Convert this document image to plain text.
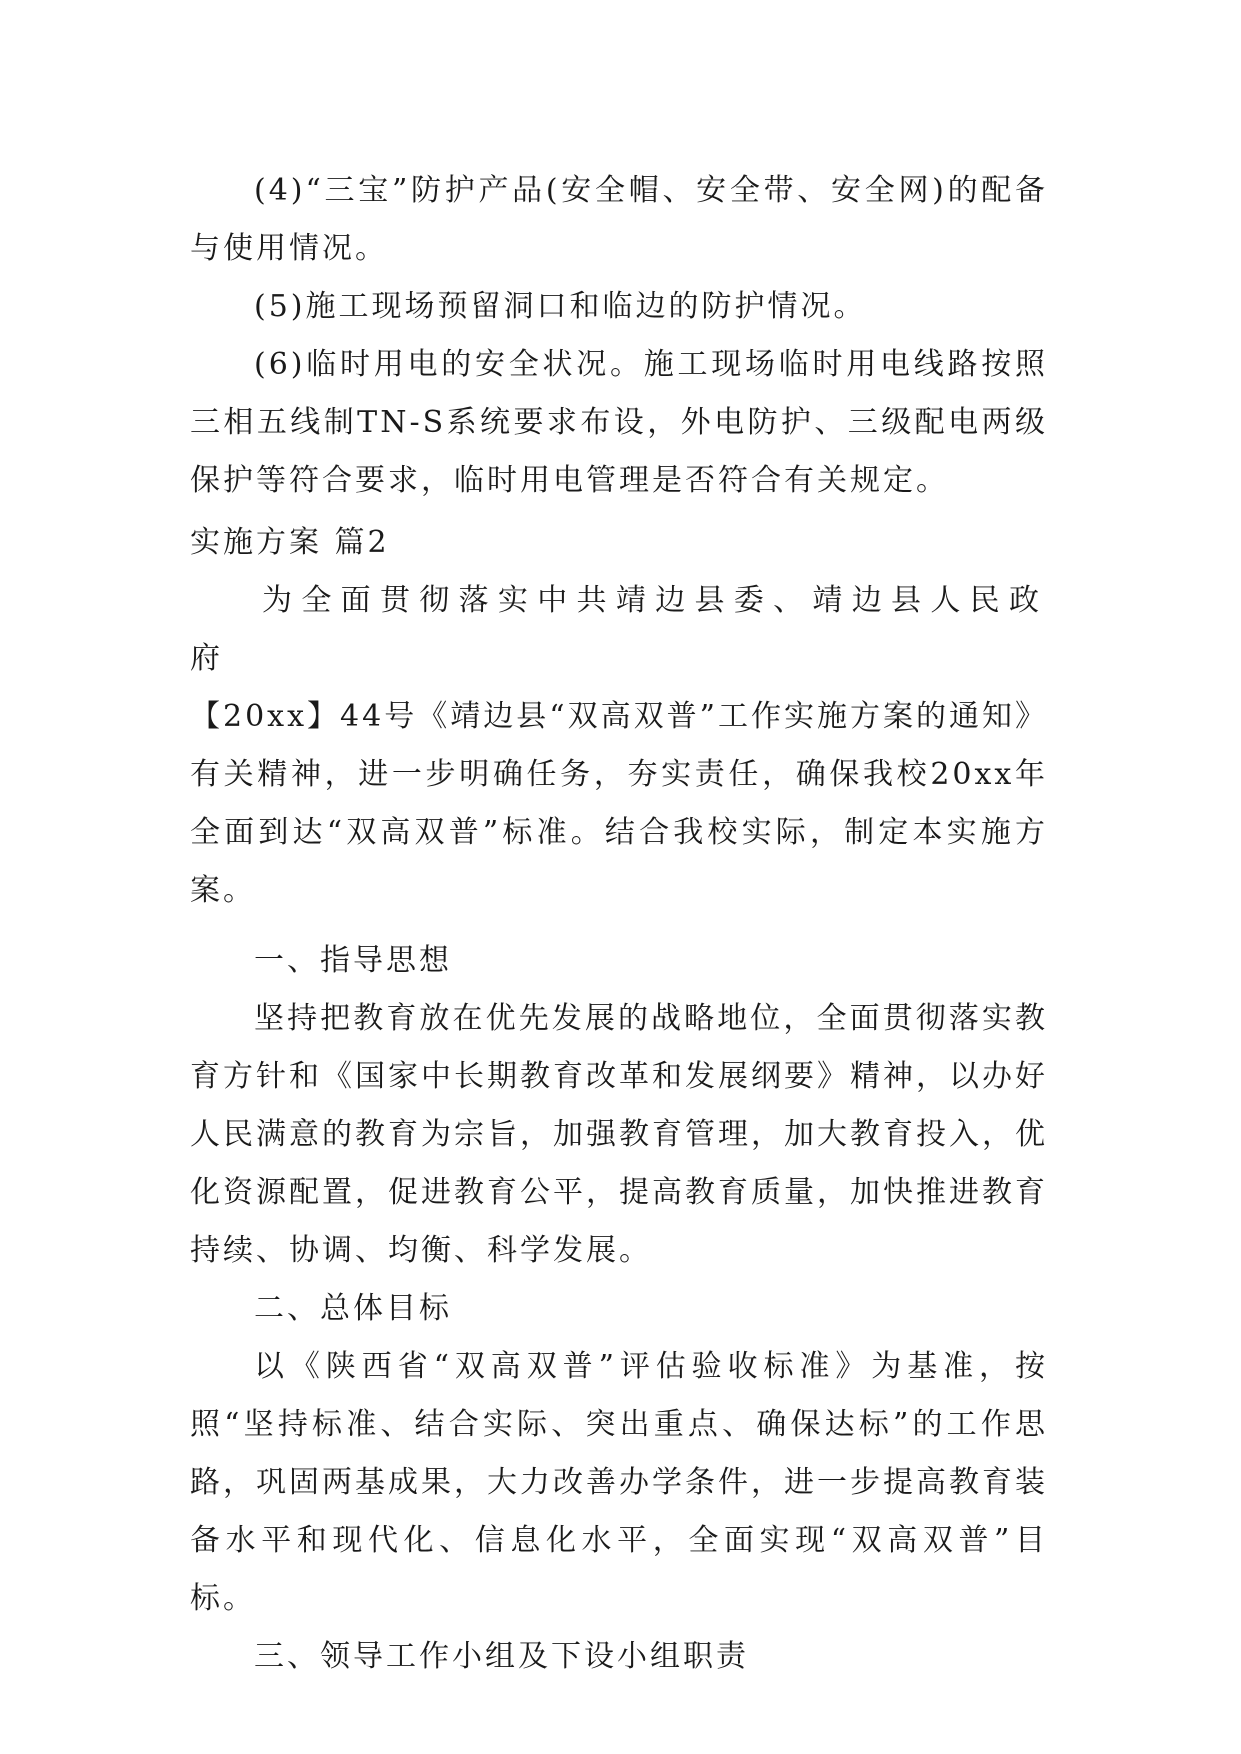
(4)“三宝”防护产品(安全帽、安全带、安全网)的配备与使用情况。

(5)施工现场预留洞口和临边的防护情况。

(6)临时用电的安全状况。施工现场临时用电线路按照三相五线制TN-S系统要求布设，外电防护、三级配电两级保护等符合要求，临时用电管理是否符合有关规定。

实施方案 篇2

为全面贯彻落实中共靖边县委、靖边县人民政府

【20xx】44号《靖边县“双高双普”工作实施方案的通知》有关精神，进一步明确任务，夯实责任，确保我校20xx年全面到达“双高双普”标准。结合我校实际，制定本实施方案。

一、指导思想

坚持把教育放在优先发展的战略地位，全面贯彻落实教育方针和《国家中长期教育改革和发展纲要》精神，以办好人民满意的教育为宗旨，加强教育管理，加大教育投入，优化资源配置，促进教育公平，提高教育质量，加快推进教育持续、协调、均衡、科学发展。

二、总体目标

以《陕西省“双高双普”评估验收标准》为基准，按照“坚持标准、结合实际、突出重点、确保达标”的工作思路，巩固两基成果，大力改善办学条件，进一步提高教育装备水平和现代化、信息化水平，全面实现“双高双普”目标。

三、领导工作小组及下设小组职责
